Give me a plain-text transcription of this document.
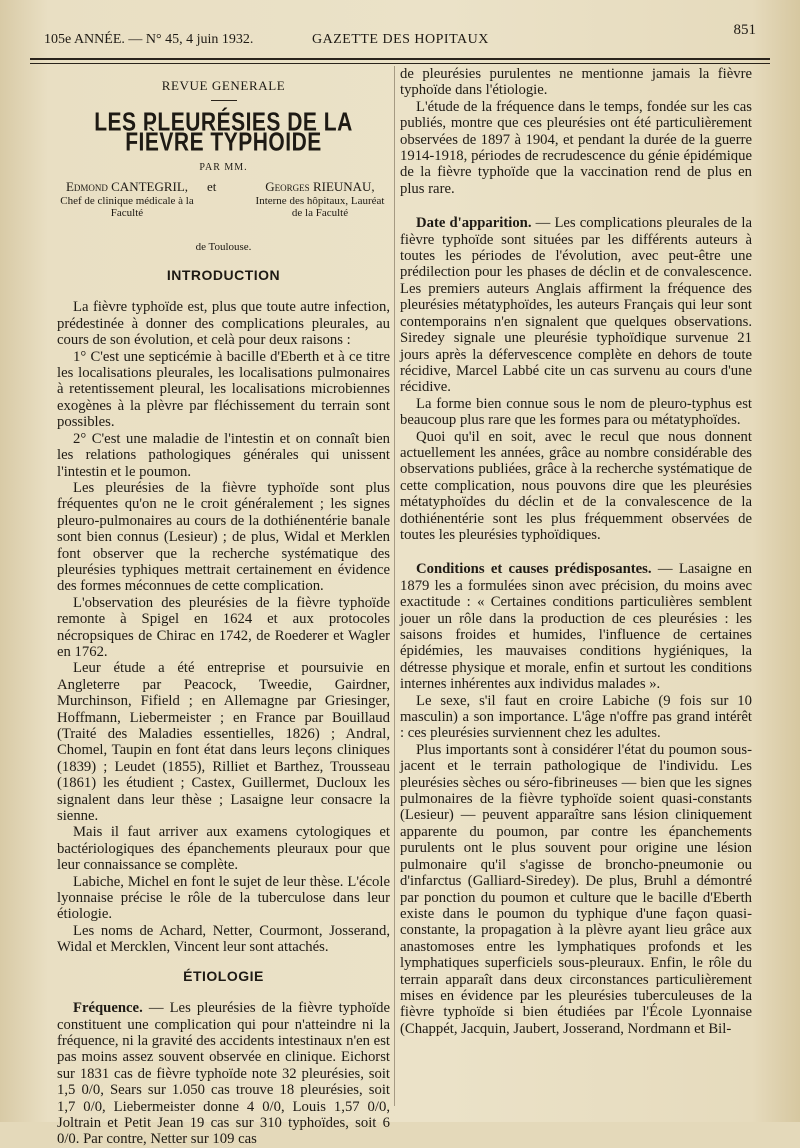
105e ANNÉE. — N° 45, 4 juin 1932.	GAZETTE DES HOPITAUX
851
REVUE GENERALE
LES PLEURÉSIES DE LA FIÈVRE TYPHOIDE
PAR MM.
Edmond CANTEGRIL,
Chef de clinique médicale à la Faculté
et	Georges RIEUNAU,
Interne des hôpitaux, Lauréat de la Faculté
de Toulouse.
INTRODUCTION

La fièvre typhoïde est, plus que toute autre infection, prédestinée à donner des complications pleurales, au cours de son évolution, et celà pour deux raisons :

1° C'est une septicémie à bacille d'Eberth et à ce titre les localisations pleurales, les localisations pulmonaires à retentissement pleural, les localisations microbiennes exogènes à la plèvre par fléchissement du terrain sont possibles.

2° C'est une maladie de l'intestin et on connaît bien les relations pathologiques générales qui unissent l'intestin et le poumon.

Les pleurésies de la fièvre typhoïde sont plus fréquentes qu'on ne le croit généralement ; les signes pleuro-pulmonaires au cours de la dothiénentérie banale sont bien connus (Lesieur) ; de plus, Widal et Merklen font observer que la recherche systématique des pleurésies typhiques mettrait certainement en évidence des formes méconnues de cette complication.

L'observation des pleurésies de la fièvre typhoïde remonte à Spigel en 1624 et aux protocoles nécropsiques de Chirac en 1742, de Roederer et Wagler en 1762.

Leur étude a été entreprise et poursuivie en Angleterre par Peacock, Tweedie, Gairdner, Murchinson, Fifield ; en Allemagne par Griesinger, Hoffmann, Liebermeister ; en France par Bouillaud (Traité des Maladies essentielles, 1826) ; Andral, Chomel, Taupin en font état dans leurs leçons cliniques (1839) ; Leudet (1855), Rilliet et Barthez, Trousseau (1861) les étudient ; Castex, Guillermet, Ducloux les signalent dans leur thèse ; Lasaigne leur consacre la sienne.

Mais il faut arriver aux examens cytologiques et bactériologiques des épanchements pleuraux pour que leur connaissance se complète.

Labiche, Michel en font le sujet de leur thèse. L'école lyonnaise précise le rôle de la tuberculose dans leur étiologie.

Les noms de Achard, Netter, Courmont, Josserand, Widal et Mercklen, Vincent leur sont attachés.

ÉTIOLOGIE

Fréquence. — Les pleurésies de la fièvre typhoïde constituent une complication qui pour n'atteindre ni la fréquence, ni la gravité des accidents intestinaux n'en est pas moins assez souvent observée en clinique. Eichorst sur 1831 cas de fièvre typhoïde note 32 pleurésies, soit 1,5 0/0, Sears sur 1.050 cas trouve 18 pleurésies, soit 1,7 0/0, Liebermeister donne 4 0/0, Louis 1,57 0/0, Joltrain et Petit Jean 19 cas sur 310 typhoïdes, soit 6 0/0. Par contre, Netter sur 109 cas

de pleurésies purulentes ne mentionne jamais la fièvre typhoïde dans l'étiologie.

L'étude de la fréquence dans le temps, fondée sur les cas publiés, montre que ces pleurésies ont été particulièrement observées de 1897 à 1904, et pendant la durée de la guerre 1914-1918, périodes de recrudescence du génie épidémique de la fièvre typhoïde que la vaccination rend de plus en plus rare.

Date d'apparition. — Les complications pleurales de la fièvre typhoïde sont situées par les différents auteurs à toutes les périodes de l'évolution, avec peut-être une prédilection pour les phases de déclin et de convalescence. Les premiers auteurs Anglais affirment la fréquence des pleurésies métatyphoïdes, les auteurs Français qui leur sont contemporains n'en signalent que quelques observations. Siredey signale une pleurésie typhoïdique survenue 21 jours après la défervescence complète en dehors de toute récidive, Marcel Labbé cite un cas survenu au cours d'une récidive.

La forme bien connue sous le nom de pleuro-typhus est beaucoup plus rare que les formes para ou métatyphoïdes.

Quoi qu'il en soit, avec le recul que nous donnent actuellement les années, grâce au nombre considérable des observations publiées, grâce à la recherche systématique de cette complication, nous pouvons dire que les pleurésies métatyphoïdes du déclin et de la convalescence de la dothiénentérie sont les plus fréquemment observées de toutes les pleurésies typhoïdiques.

Conditions et causes prédisposantes. — Lasaigne en 1879 les a formulées sinon avec précision, du moins avec exactitude : « Certaines conditions particulières semblent jouer un rôle dans la production de ces pleurésies : les saisons froides et humides, l'influence de certaines épidémies, les mauvaises conditions hygiéniques, la détresse physique et morale, enfin et surtout les conditions internes inhérentes aux individus malades ».

Le sexe, s'il faut en croire Labiche (9 fois sur 10 masculin) a son importance. L'âge n'offre pas grand intérêt : ces pleurésies surviennent chez les adultes.

Plus importants sont à considérer l'état du poumon sous-jacent et le terrain pathologique de l'individu. Les pleurésies sèches ou séro-fibrineuses — bien que les signes pulmonaires de la fièvre typhoïde soient quasi-constants (Lesieur) — peuvent apparaître sans lésion cliniquement apparente du poumon, par contre les épanchements purulents ont le plus souvent pour origine une lésion pulmonaire qu'il s'agisse de broncho-pneumonie ou d'infarctus (Galliard-Siredey). De plus, Bruhl a démontré par ponction du poumon et culture que le bacille d'Eberth existe dans le poumon du typhique d'une façon quasi-constante, la propagation à la plèvre ayant lieu grâce aux anastomoses entre les lymphatiques profonds et les lymphatiques superficiels sous-pleuraux. Enfin, le rôle du terrain apparaît dans deux circonstances particulièrement mises en évidence par les pleurésies tuberculeuses de la fièvre typhoïde si bien étudiées par l'École Lyonnaise (Chappét, Jacquin, Jaubert, Josserand, Nordmann et Bil-
